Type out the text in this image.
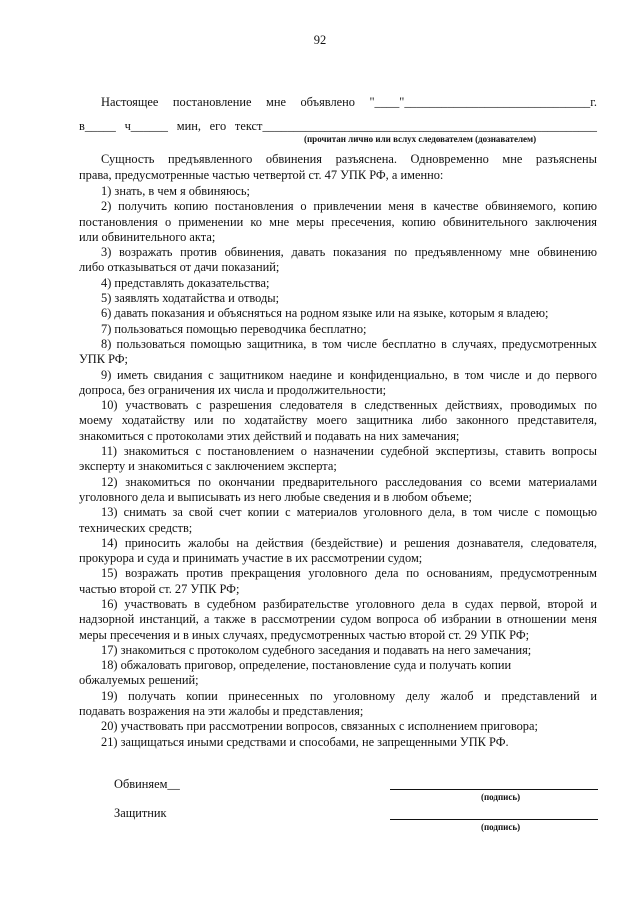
92
Настоящее постановление мне объявлено "____"______________________________г.
в_____ ч______ мин, его текст______________________________________________________
(прочитан лично или вслух следователем (дознавателем)
Сущность предъявленного обвинения разъяснена. Одновременно мне разъяснены
права, предусмотренные частью четвертой ст. 47 УПК РФ, а именно:
1) знать, в чем я обвиняюсь;
2) получить копию постановления о привлечении меня в качестве обвиняемого, копию
постановления о применении ко мне меры пресечения, копию обвинительного заключения
или обвинительного акта;
3) возражать против обвинения, давать показания по предъявленному мне обвинению
либо отказываться от дачи показаний;
4) представлять доказательства;
5) заявлять ходатайства и отводы;
6) давать показания и объясняться на родном языке или на языке, которым я владею;
7) пользоваться помощью переводчика бесплатно;
8) пользоваться помощью защитника, в том числе бесплатно в случаях, предусмотренных
УПК РФ;
9) иметь свидания с защитником наедине и конфиденциально, в том числе и до первого
допроса, без ограничения их числа и продолжительности;
10) участвовать с разрешения следователя в следственных действиях, проводимых по
моему ходатайству или по ходатайству моего защитника либо законного представителя,
знакомиться с протоколами этих действий и подавать на них замечания;
11) знакомиться с постановлением о назначении судебной экспертизы, ставить вопросы
эксперту и знакомиться с заключением эксперта;
12) знакомиться по окончании предварительного расследования со всеми материалами
уголовного дела и выписывать из него любые сведения и в любом объеме;
13) снимать за свой счет копии с материалов уголовного дела, в том числе с помощью
технических средств;
14) приносить жалобы на действия (бездействие) и решения дознавателя, следователя,
прокурора и суда и принимать участие в их рассмотрении судом;
15) возражать против прекращения уголовного дела по основаниям, предусмотренным
частью второй ст. 27 УПК РФ;
16) участвовать в судебном разбирательстве уголовного дела в судах первой, второй и
надзорной инстанций, а также в рассмотрении судом вопроса об избрании в отношении меня
меры пресечения и в иных случаях, предусмотренных частью второй ст. 29 УПК РФ;
17) знакомиться с протоколом судебного заседания и подавать на него замечания;
18) обжаловать приговор, определение, постановление суда и получать копии
обжалуемых решений;
19) получать копии принесенных по уголовному делу жалоб и представлений и
подавать возражения на эти жалобы и представления;
20) участвовать при рассмотрении вопросов, связанных с исполнением приговора;
21) защищаться иными средствами и способами, не запрещенными УПК РФ.
Обвиняем__
(подпись)
Защитник
(подпись)
